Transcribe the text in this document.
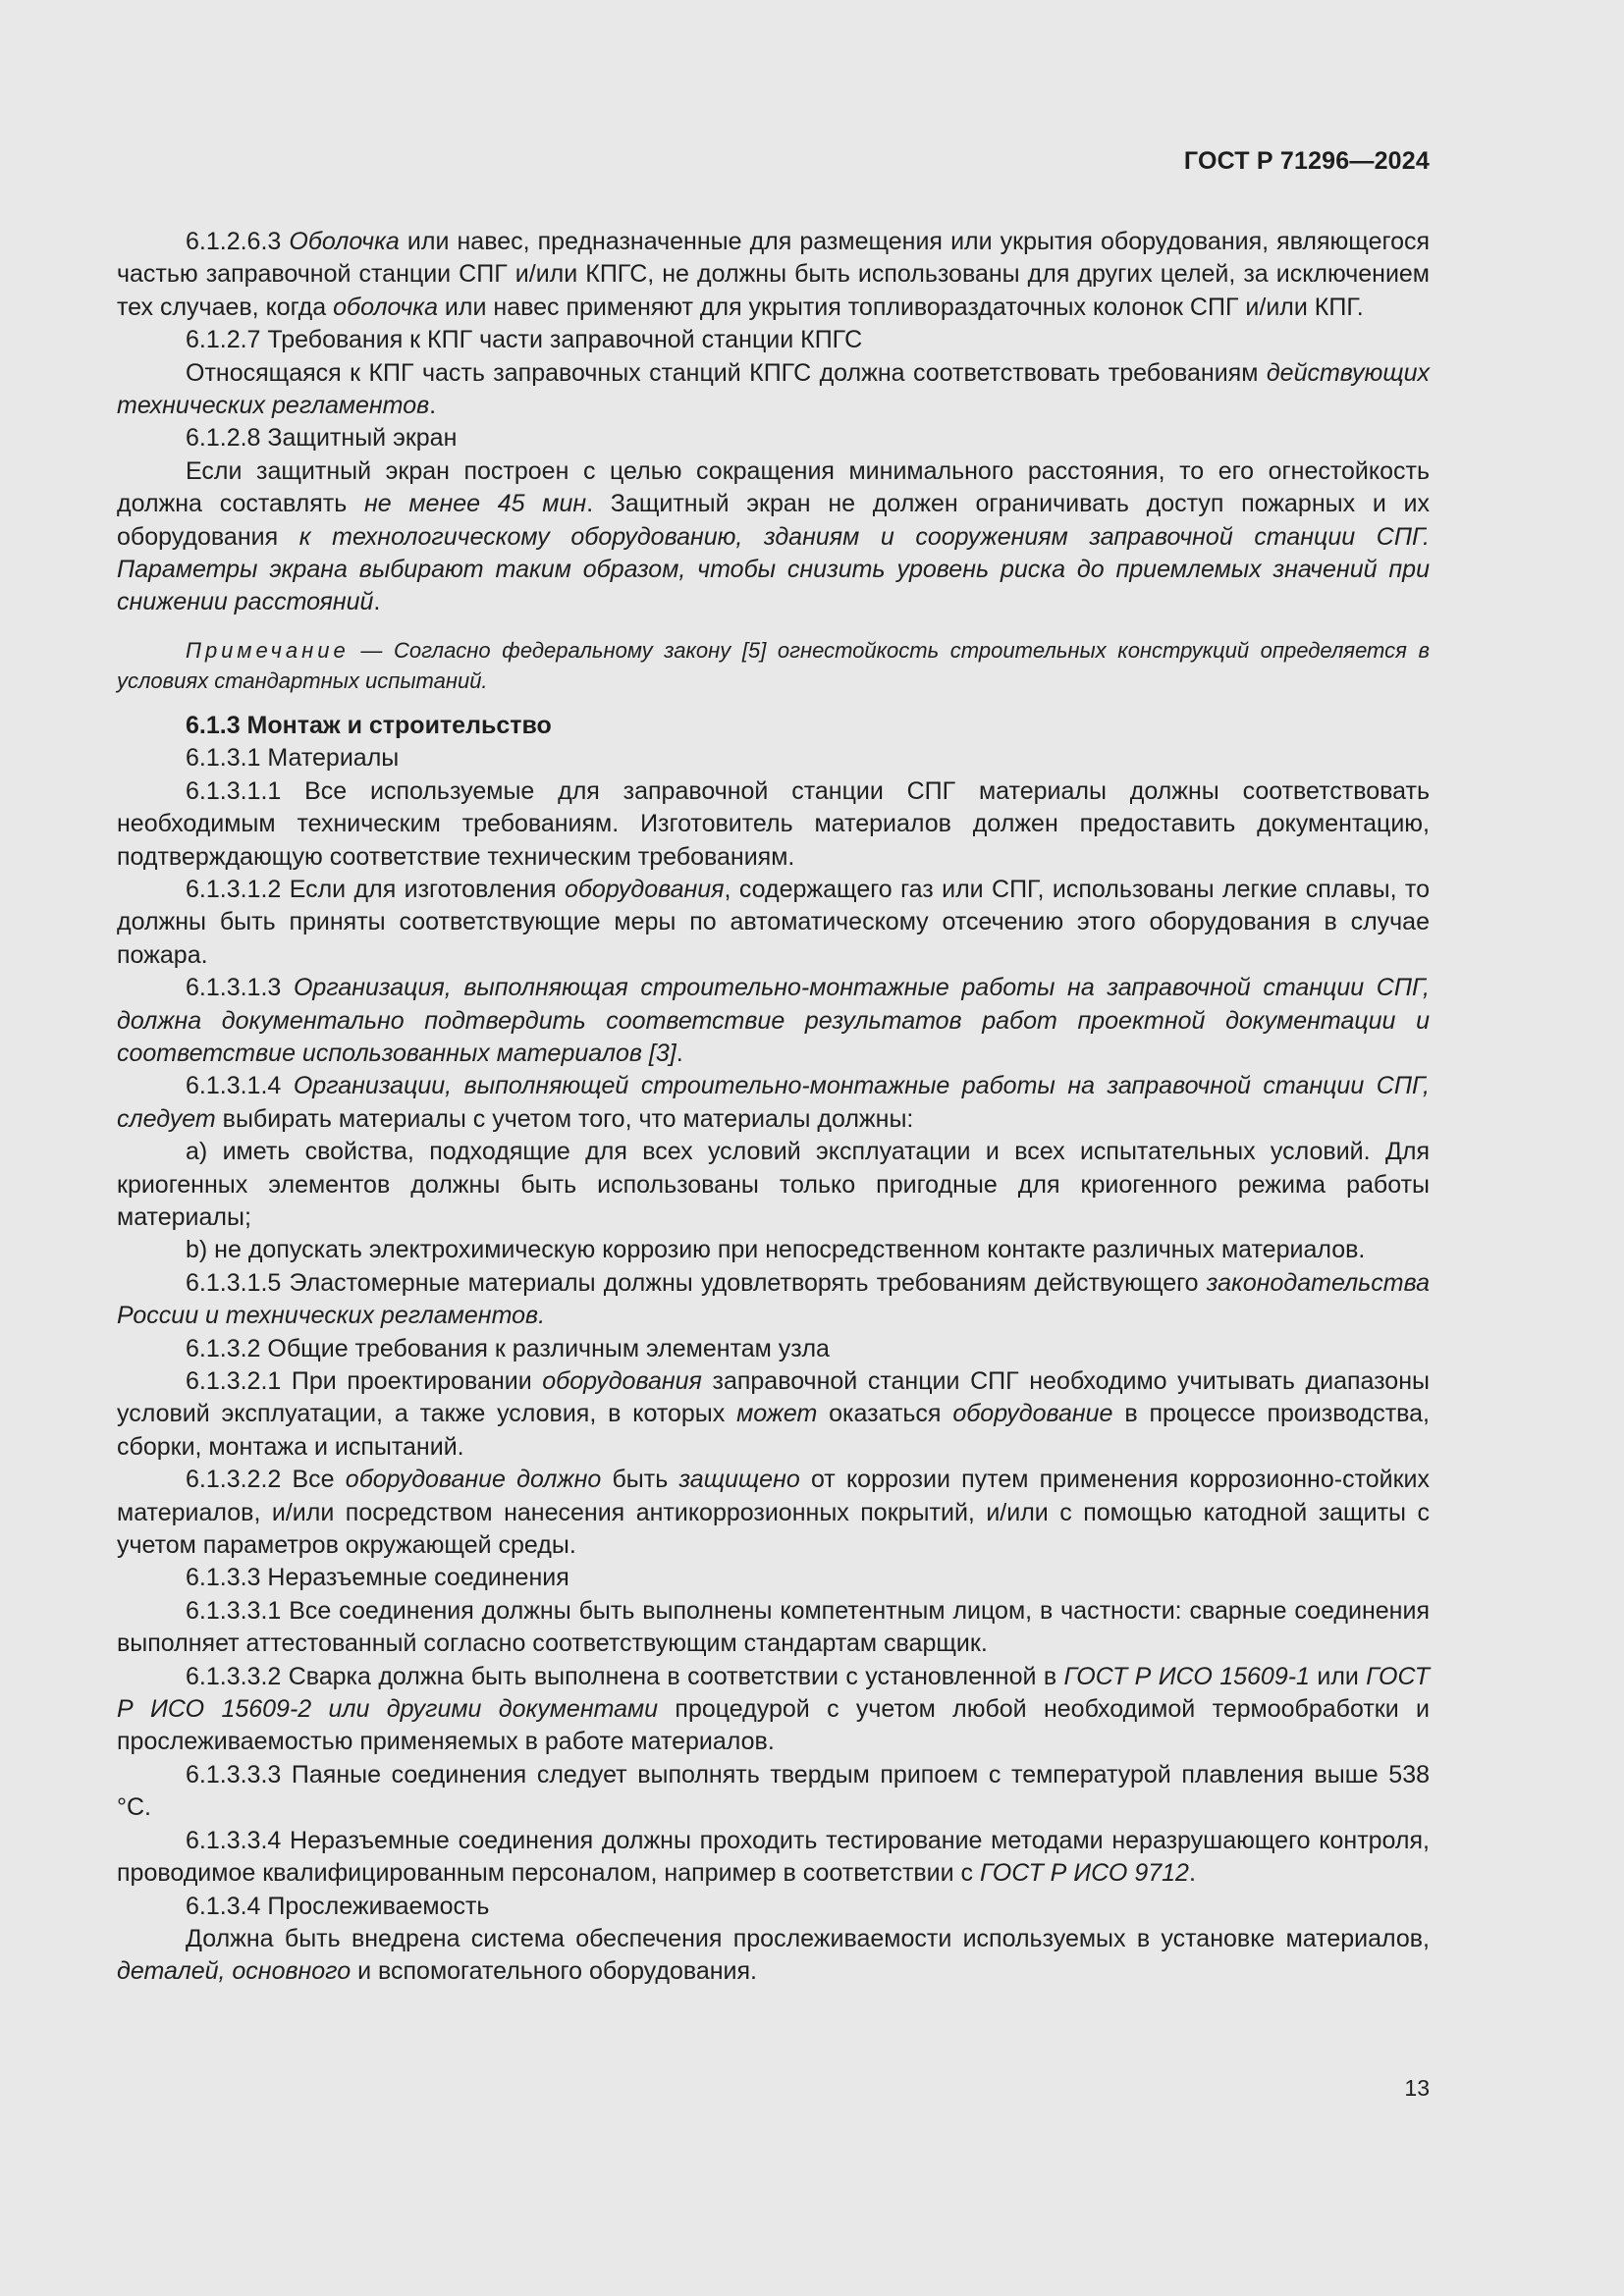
ГОСТ Р 71296—2024

6.1.2.6.3 Оболочка или навес, предназначенные для размещения или укрытия оборудования, являющегося частью заправочной станции СПГ и/или КПГС, не должны быть использованы для других целей, за исключением тех случаев, когда оболочка или навес применяют для укрытия топливораздаточных колонок СПГ и/или КПГ.

6.1.2.7 Требования к КПГ части заправочной станции КПГС

Относящаяся к КПГ часть заправочных станций КПГС должна соответствовать требованиям действующих технических регламентов.

6.1.2.8 Защитный экран

Если защитный экран построен с целью сокращения минимального расстояния, то его огнестойкость должна составлять не менее 45 мин. Защитный экран не должен ограничивать доступ пожарных и их оборудования к технологическому оборудованию, зданиям и сооружениям заправочной станции СПГ. Параметры экрана выбирают таким образом, чтобы снизить уровень риска до приемлемых значений при снижении расстояний.

Примечание — Согласно федеральному закону [5] огнестойкость строительных конструкций определяется в условиях стандартных испытаний.

6.1.3 Монтаж и строительство

6.1.3.1 Материалы

6.1.3.1.1 Все используемые для заправочной станции СПГ материалы должны соответствовать необходимым техническим требованиям. Изготовитель материалов должен предоставить документацию, подтверждающую соответствие техническим требованиям.

6.1.3.1.2 Если для изготовления оборудования, содержащего газ или СПГ, использованы легкие сплавы, то должны быть приняты соответствующие меры по автоматическому отсечению этого оборудования в случае пожара.

6.1.3.1.3 Организация, выполняющая строительно-монтажные работы на заправочной станции СПГ, должна документально подтвердить соответствие результатов работ проектной документации и соответствие использованных материалов [3].

6.1.3.1.4 Организации, выполняющей строительно-монтажные работы на заправочной станции СПГ, следует выбирать материалы с учетом того, что материалы должны:

a) иметь свойства, подходящие для всех условий эксплуатации и всех испытательных условий. Для криогенных элементов должны быть использованы только пригодные для криогенного режима работы материалы;

b) не допускать электрохимическую коррозию при непосредственном контакте различных материалов.

6.1.3.1.5 Эластомерные материалы должны удовлетворять требованиям действующего законодательства России и технических регламентов.

6.1.3.2 Общие требования к различным элементам узла

6.1.3.2.1 При проектировании оборудования заправочной станции СПГ необходимо учитывать диапазоны условий эксплуатации, а также условия, в которых может оказаться оборудование в процессе производства, сборки, монтажа и испытаний.

6.1.3.2.2 Все оборудование должно быть защищено от коррозии путем применения коррозионно-стойких материалов, и/или посредством нанесения антикоррозионных покрытий, и/или с помощью катодной защиты с учетом параметров окружающей среды.

6.1.3.3 Неразъемные соединения

6.1.3.3.1 Все соединения должны быть выполнены компетентным лицом, в частности: сварные соединения выполняет аттестованный согласно соответствующим стандартам сварщик.

6.1.3.3.2 Сварка должна быть выполнена в соответствии с установленной в ГОСТ Р ИСО 15609-1 или ГОСТ Р ИСО 15609-2 или другими документами процедурой с учетом любой необходимой термообработки и прослеживаемостью применяемых в работе материалов.

6.1.3.3.3 Паяные соединения следует выполнять твердым припоем с температурой плавления выше 538 °С.

6.1.3.3.4 Неразъемные соединения должны проходить тестирование методами неразрушающего контроля, проводимое квалифицированным персоналом, например в соответствии с ГОСТ Р ИСО 9712.

6.1.3.4 Прослеживаемость

Должна быть внедрена система обеспечения прослеживаемости используемых в установке материалов, деталей, основного и вспомогательного оборудования.

13
